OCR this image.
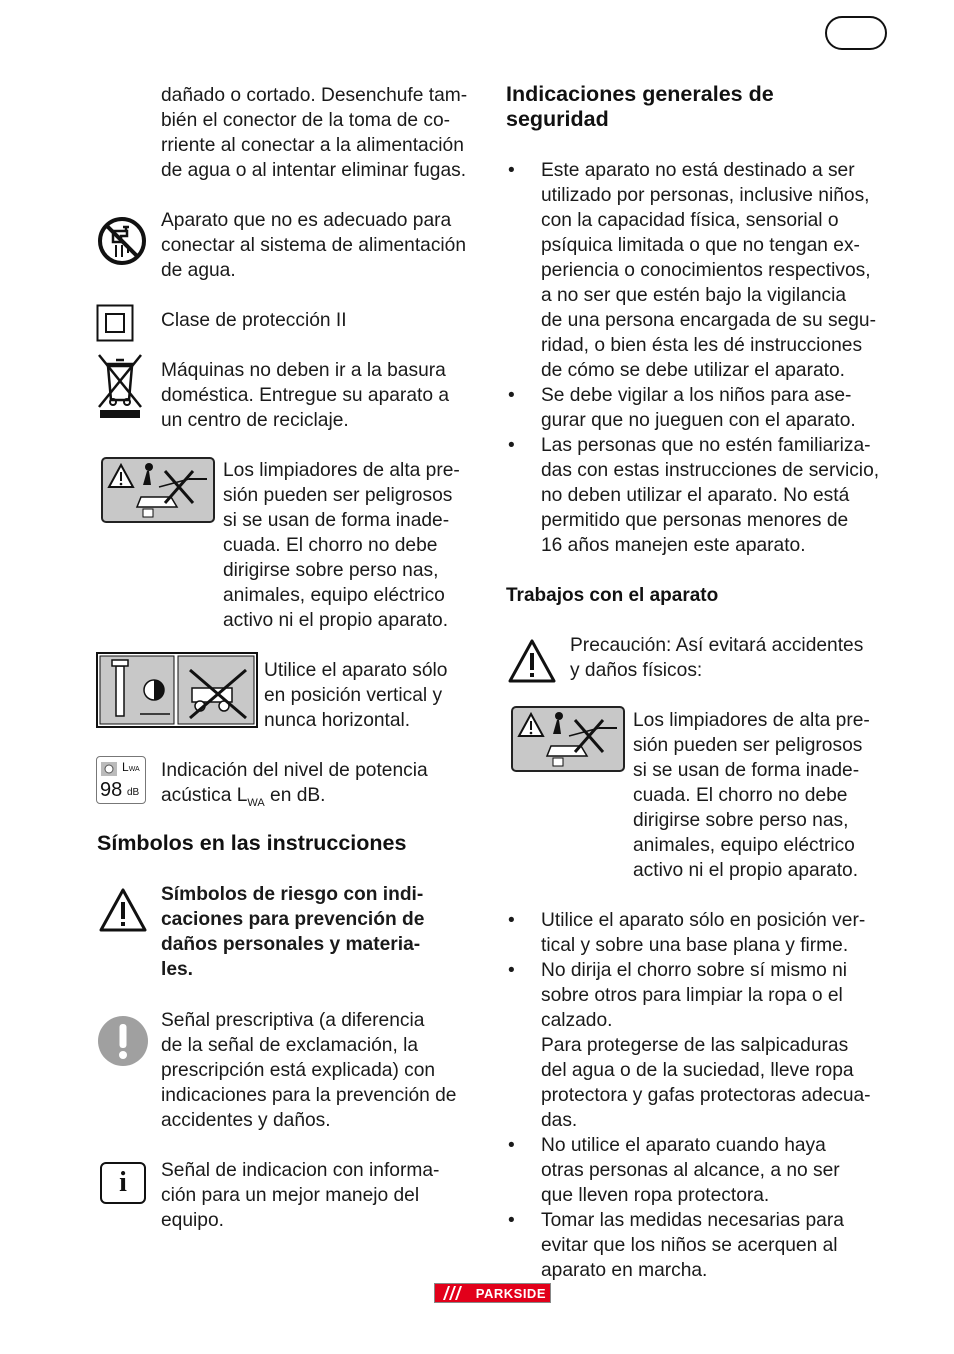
dañado o cortado. Desenchufe tam-
bién el conector de la toma de co-
rriente al conectar a la alimentación
de agua o al intentar eliminar fugas.
Aparato que no es adecuado para
conectar al sistema de alimentación
de agua.
Clase de protección II
Máquinas no deben ir a la basura
doméstica. Entregue su aparato a
un centro de reciclaje.
Los limpiadores de alta pre-
sión pueden ser peligrosos
si se usan de forma inade-
cuada. El chorro no debe
dirigirse sobre perso nas,
animales, equipo eléctrico
activo ni el propio aparato.
Utilice el aparato sólo
en posición vertical y
nunca horizontal.
LWA
98 dB
Indicación del nivel de potencia
acústica $L_{WA}$ en dB.
Símbolos en las instrucciones
Símbolos de riesgo con indi-
caciones para prevención de
daños personales y materia-
les.
Señal prescriptiva (a diferencia
de la señal de exclamación, la
prescripción está explicada) con
indicaciones para la prevención de
accidentes y daños.
i	Señal de indicacion con informa-
ción para un mejor manejo del
equipo.
Indicaciones generales de
seguridad
• Este aparato no está destinado a ser
utilizado por personas, inclusive niños,
con la capacidad física, sensorial o
psíquica limitada o que no tengan ex-
periencia o conocimientos respectivos,
a no ser que estén bajo la vigilancia
de una persona encargada de su segu-
ridad, o bien ésta les dé instrucciones
de cómo se debe utilizar el aparato.
• Se debe vigilar a los niños para ase-
gurar que no jueguen con el aparato.
• Las personas que no estén familiariza-
das con estas instrucciones de servicio,
no deben utilizar el aparato. No está
permitido que personas menores de
16 años manejen este aparato.
Trabajos con el aparato
Precaución: Así evitará accidentes
y daños físicos:
Los limpiadores de alta pre-
sión pueden ser peligrosos
si se usan de forma inade-
cuada. El chorro no debe
dirigirse sobre perso nas,
animales, equipo eléctrico
activo ni el propio aparato.
• Utilice el aparato sólo en posición ver-
tical y sobre una base plana y firme.
• No dirija el chorro sobre sí mismo ni
sobre otros para limpiar la ropa o el
calzado.
Para protegerse de las salpicaduras
del agua o de la suciedad, lleve ropa
protectora y gafas protectoras adecua-
das.
• No utilice el aparato cuando haya
otras personas al alcance, a no ser
que lleven ropa protectora.
• Tomar las medidas necesarias para
evitar que los niños se acerquen al
aparato en marcha.
PARKSIDE
